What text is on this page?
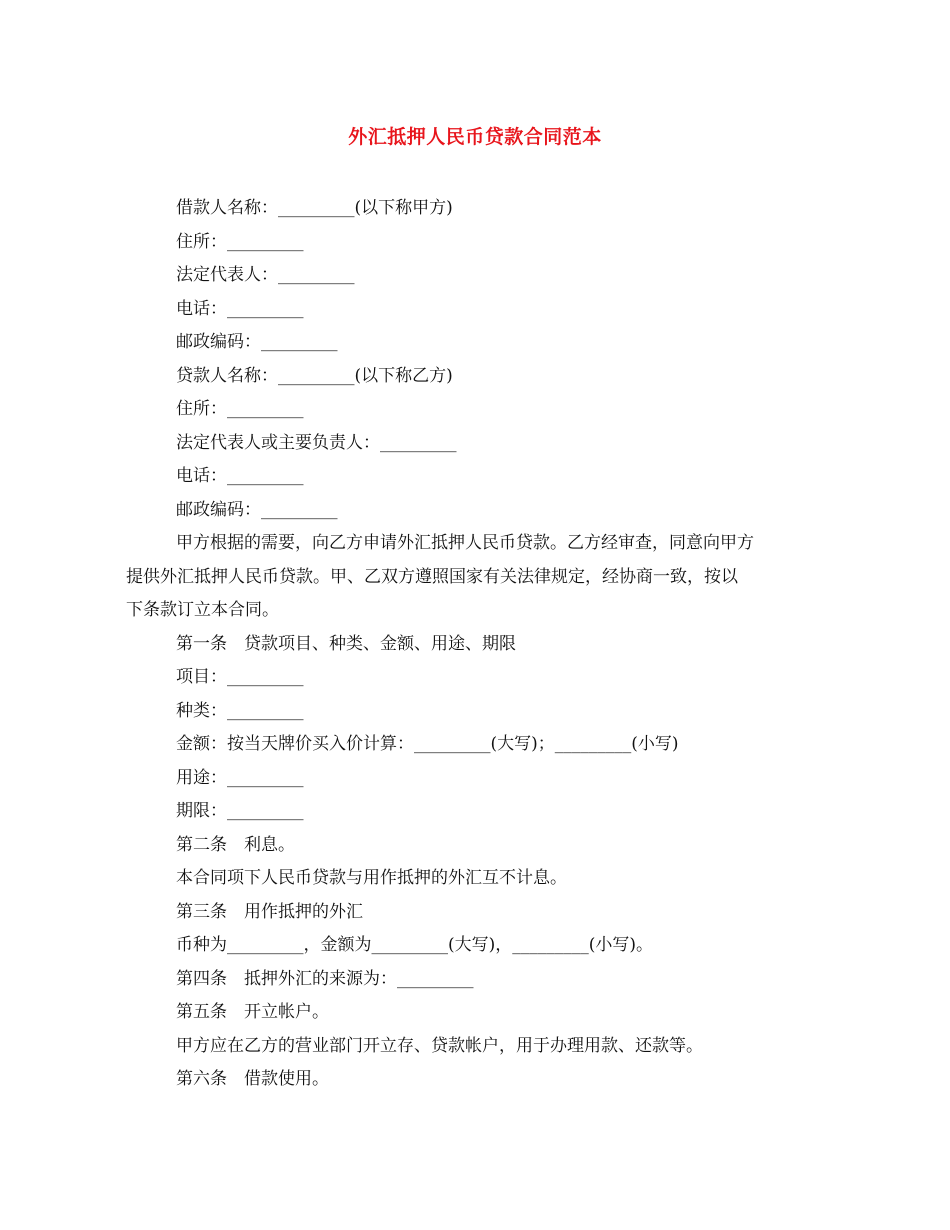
外汇抵押人民币贷款合同范本
借款人名称：_________(以下称甲方)
住所：_________
法定代表人：_________
电话：_________
邮政编码：_________
贷款人名称：_________(以下称乙方)
住所：_________
法定代表人或主要负责人：_________
电话：_________
邮政编码：_________
甲方根据的需要，向乙方申请外汇抵押人民币贷款。乙方经审查，同意向甲方
提供外汇抵押人民币贷款。甲、乙双方遵照国家有关法律规定，经协商一致，按以
下条款订立本合同。
第一条　贷款项目、种类、金额、用途、期限
项目：_________
种类：_________
金额：按当天牌价买入价计算：_________(大写)；_________(小写)
用途：_________
期限：_________
第二条　利息。
本合同项下人民币贷款与用作抵押的外汇互不计息。
第三条　用作抵押的外汇
币种为_________，金额为_________(大写)，_________(小写)。
第四条　抵押外汇的来源为：_________
第五条　开立帐户。
甲方应在乙方的营业部门开立存、贷款帐户，用于办理用款、还款等。
第六条　借款使用。
